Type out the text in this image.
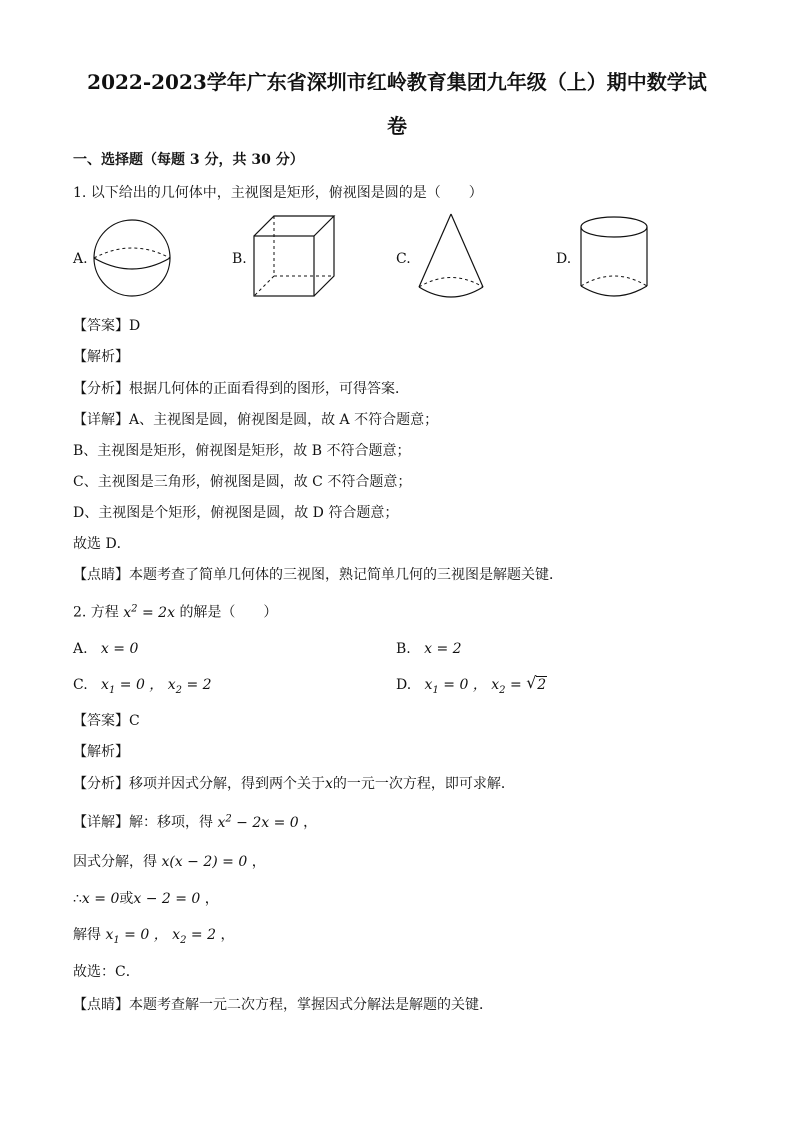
2022-2023学年广东省深圳市红岭教育集团九年级（上）期中数学试
卷
一、选择题（每题 3 分，共 30 分）
1. 以下给出的几何体中，主视图是矩形，俯视图是圆的是（　　）
A.	B.	C.	D.
【答案】D
【解析】
【分析】根据几何体的正面看得到的图形，可得答案．
【详解】A、主视图是圆，俯视图是圆，故 A 不符合题意；
B、主视图是矩形，俯视图是矩形，故 B 不符合题意；
C、主视图是三角形，俯视图是圆，故 C 不符合题意；
D、主视图是个矩形，俯视图是圆，故 D 符合题意；
故选 D．
【点睛】本题考查了简单几何体的三视图，熟记简单几何的三视图是解题关键．
2. 方程 $x^2 = 2x$ 的解是（　　）
A. x = 0	B. x = 2
C. $x_1 = 0$ ， $x_2 = 2$	D. $x_1 = 0$ ， $x_2$ = √ 2
【答案】C
【解析】
【分析】移项并因式分解，得到两个关于x的一元一次方程，即可求解．
【详解】解：移项，得 $x^2 - 2x = 0$ ，
因式分解，得 x(x − 2) = 0 ，
∴x = 0或x − 2 = 0 ，
解得 $x_1 = 0$ ， $x_2 = 2$ ，
故选：C．
【点睛】本题考查解一元二次方程，掌握因式分解法是解题的关键．
